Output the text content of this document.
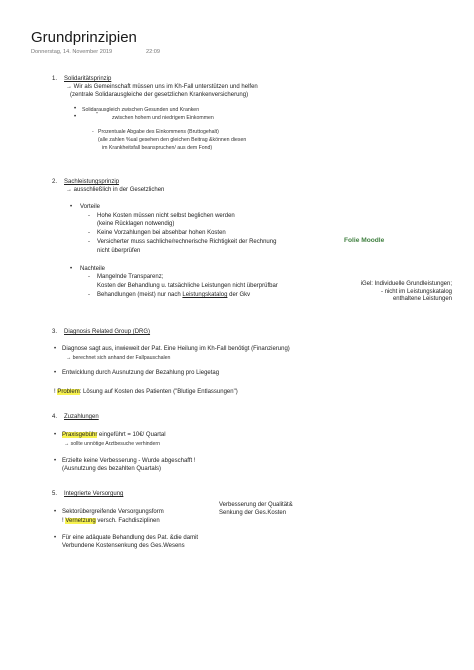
Grundprinzipien
Donnerstag, 14. November 2019	22:09
1. Solidaritätsprinzip
→ Wir als Gemeinschaft müssen uns im Kh-Fall unterstützen und helfen
(zentrale Solidarausgleiche der gesetzlichen Krankenversicherung)
• Solidarausgleich zwischen Gesunden und Kranken
•	"	zwischen hohem und niedrigem Einkommen
- Prozentuale Abgabe des Einkommens (Bruttogehalt)
(alle zahlen %ual gesehen den gleichen Beitrag &können diesen
im Krankheitsfall beanspruchen/ aus dem Fond)
2. Sachleistungsprinzip
→ ausschließlich in der Gesetzlichen
• Vorteile
- Hohe Kosten müssen nicht selbst beglichen werden
(keine Rücklagen notwendig)
- Keine Vorzahlungen bei absehbar hohen Kosten
- Versicherter muss sachliche/rechnerische Richtigkeit der Rechnung
nicht überprüfen
• Nachteile
- Mangelnde Transparenz;
Kosten der Behandlung u. tatsächliche Leistungen nicht überprüfbar
- Behandlungen (meist) nur nach Leistungskatalog der Gkv
Folie Moodle
iGel: Individuelle Grundleistungen;
- nicht im Leistungskatalog
enthaltene Leistungen
3. Diagnosis Related Group (DRG)
• Diagnose sagt aus, inwieweit der Pat. Eine Heilung im Kh-Fall benötigt (Finanzierung)
→ berechnet sich anhand der Fallpauschalen
• Entwicklung durch Ausnutzung der Bezahlung pro Liegetag
! Problem: Lösung auf Kosten des Patienten ("Blutige Entlassungen")
4. Zuzahlungen
• Praxisgebühr eingeführt = 10€/ Quartal
→ sollte unnötige Arztbesuche verhindern
• Erzielte keine Verbesserung - Wurde abgeschafft !
(Ausnutzung des bezahlten Quartals)
5. Integrierte Versorgung
• Sektorübergreifende Versorgungsform
! Vernetzung versch. Fachdisziplinen
Verbesserung der Qualität&
Senkung der Ges.Kosten
• Für eine adäquate Behandlung des Pat. &die damit
Verbundene Kostensenkung des Ges.Wesens
